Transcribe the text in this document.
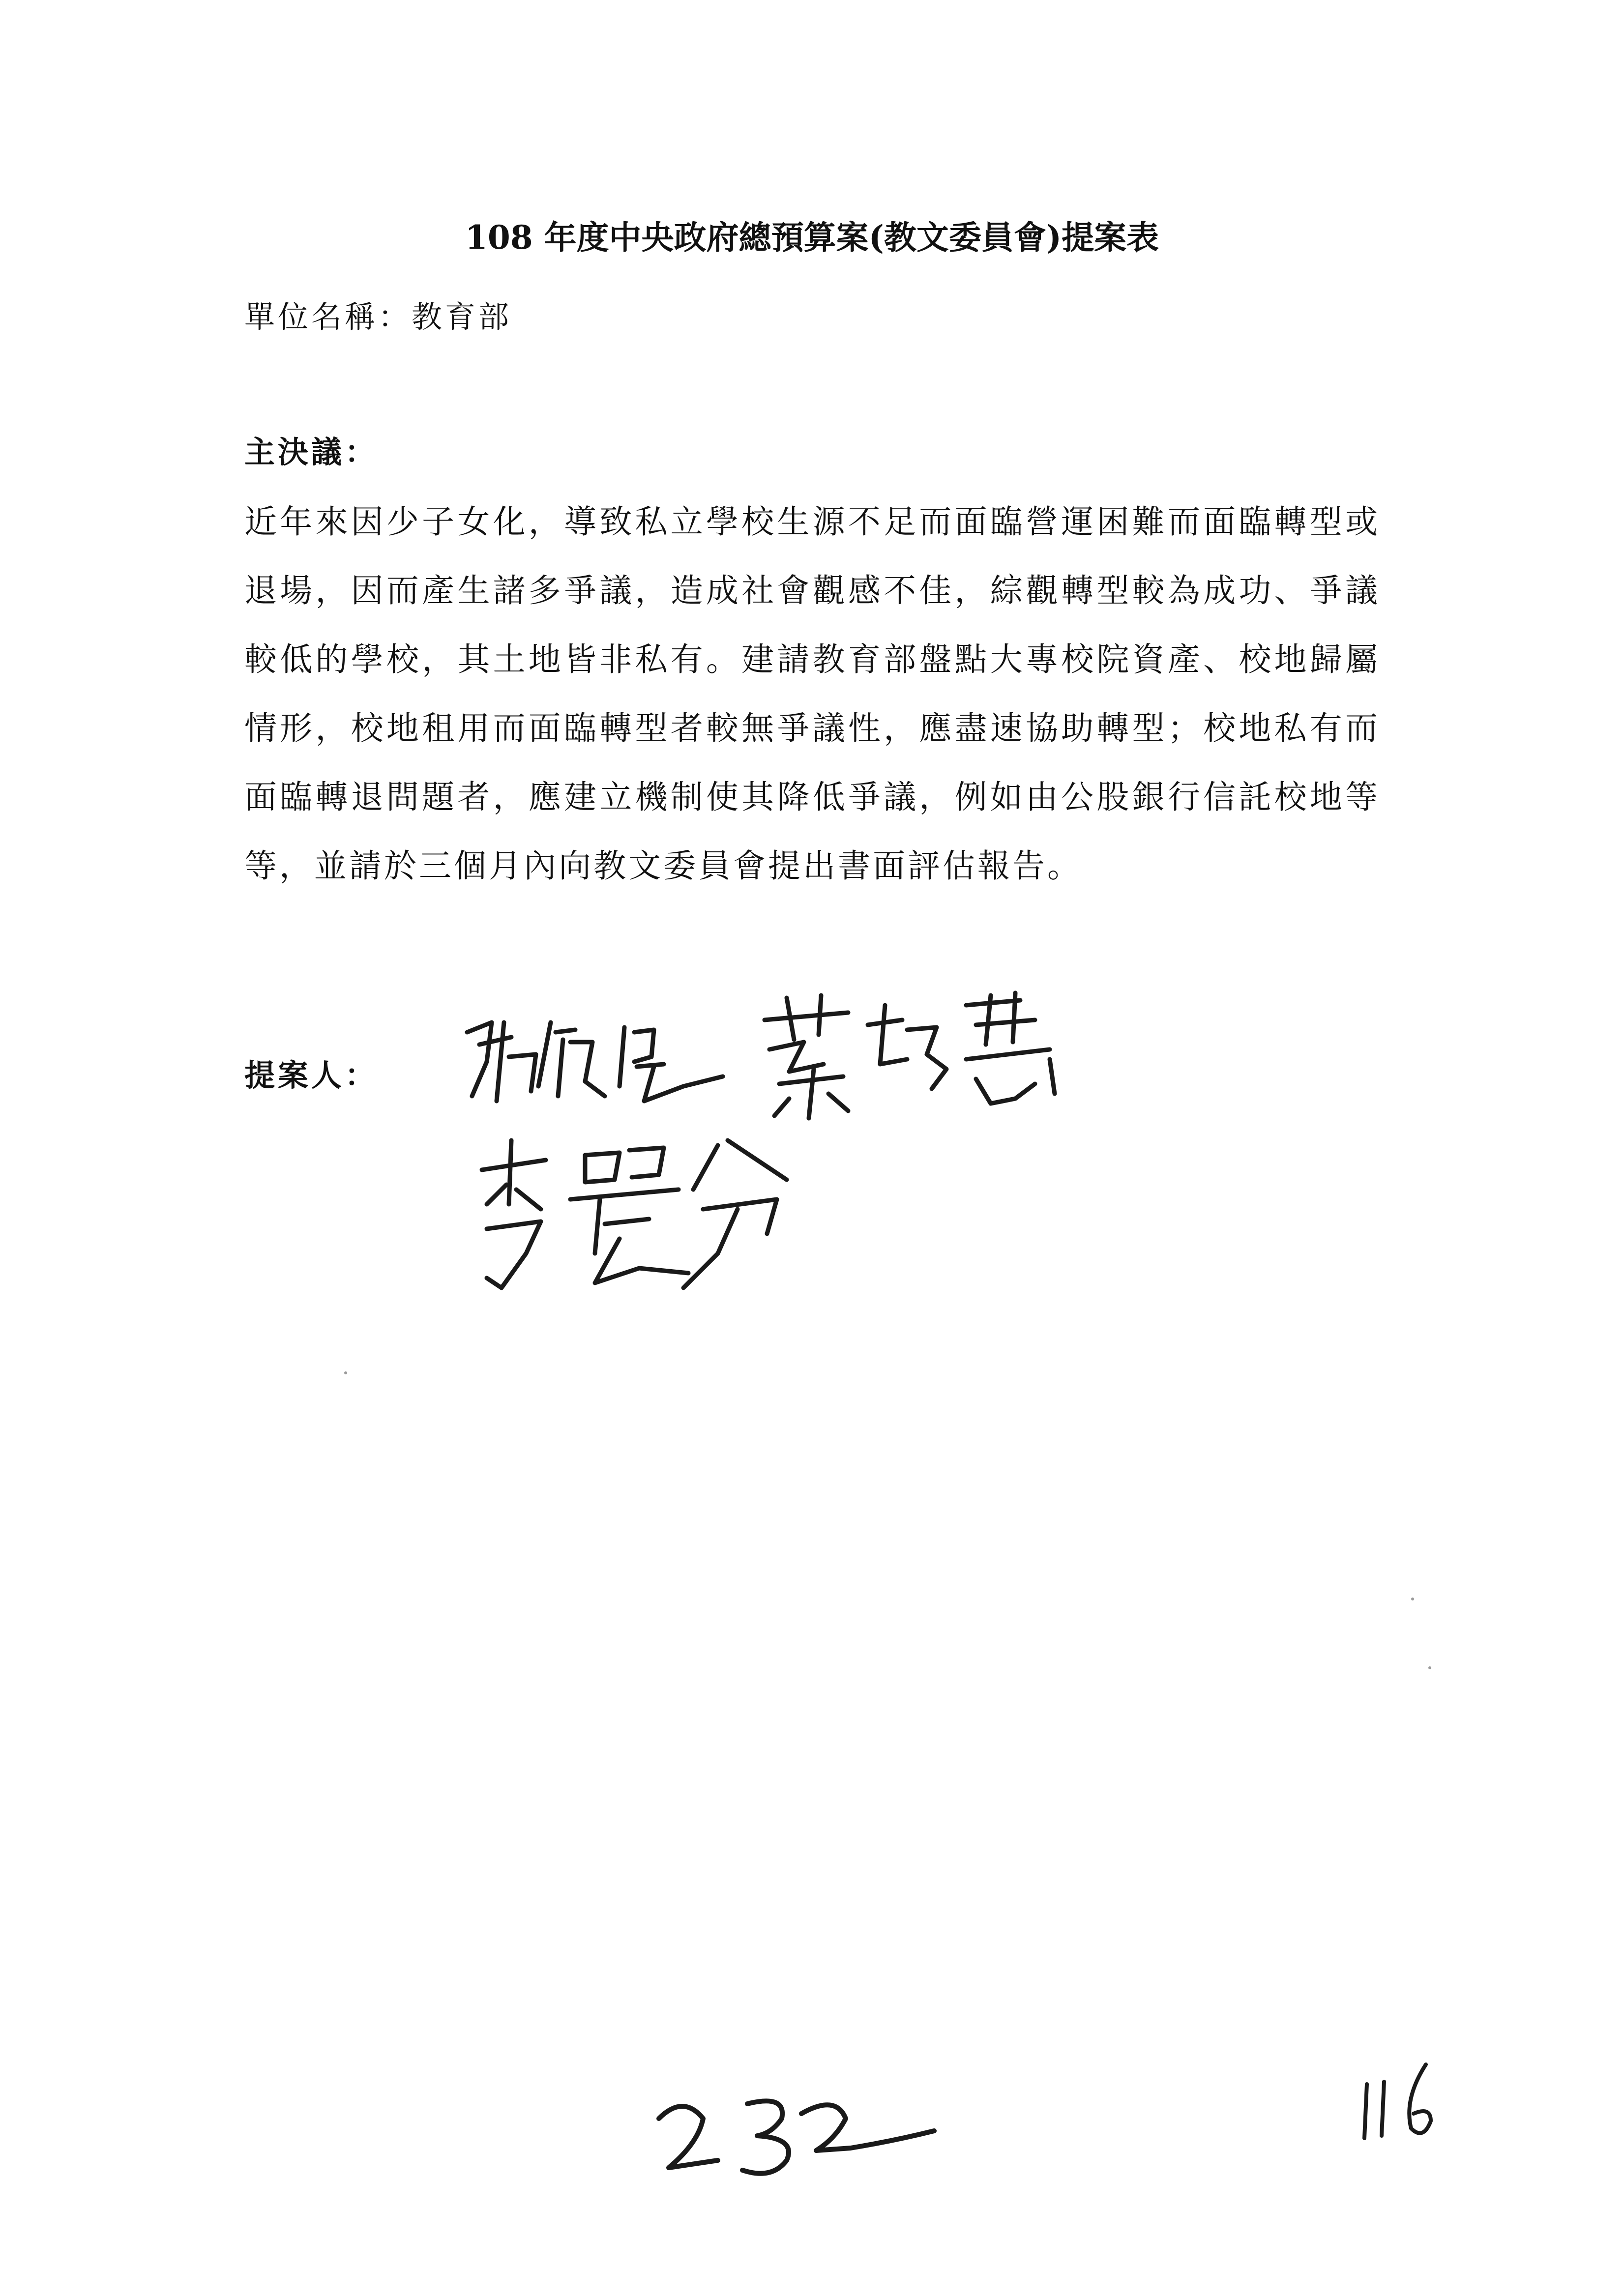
108 年度中央政府總預算案(教文委員會)提案表
單位名稱：教育部
主決議：
近年來因少子女化，導致私立學校生源不足而面臨營運困難而面臨轉型或退場，因而產生諸多爭議，造成社會觀感不佳，綜觀轉型較為成功、爭議較低的學校，其土地皆非私有。建請教育部盤點大專校院資產、校地歸屬情形，校地租用而面臨轉型者較無爭議性，應盡速協助轉型；校地私有而面臨轉退問題者，應建立機制使其降低爭議，例如由公股銀行信託校地等等，並請於三個月內向教文委員會提出書面評估報告。
提案人：
